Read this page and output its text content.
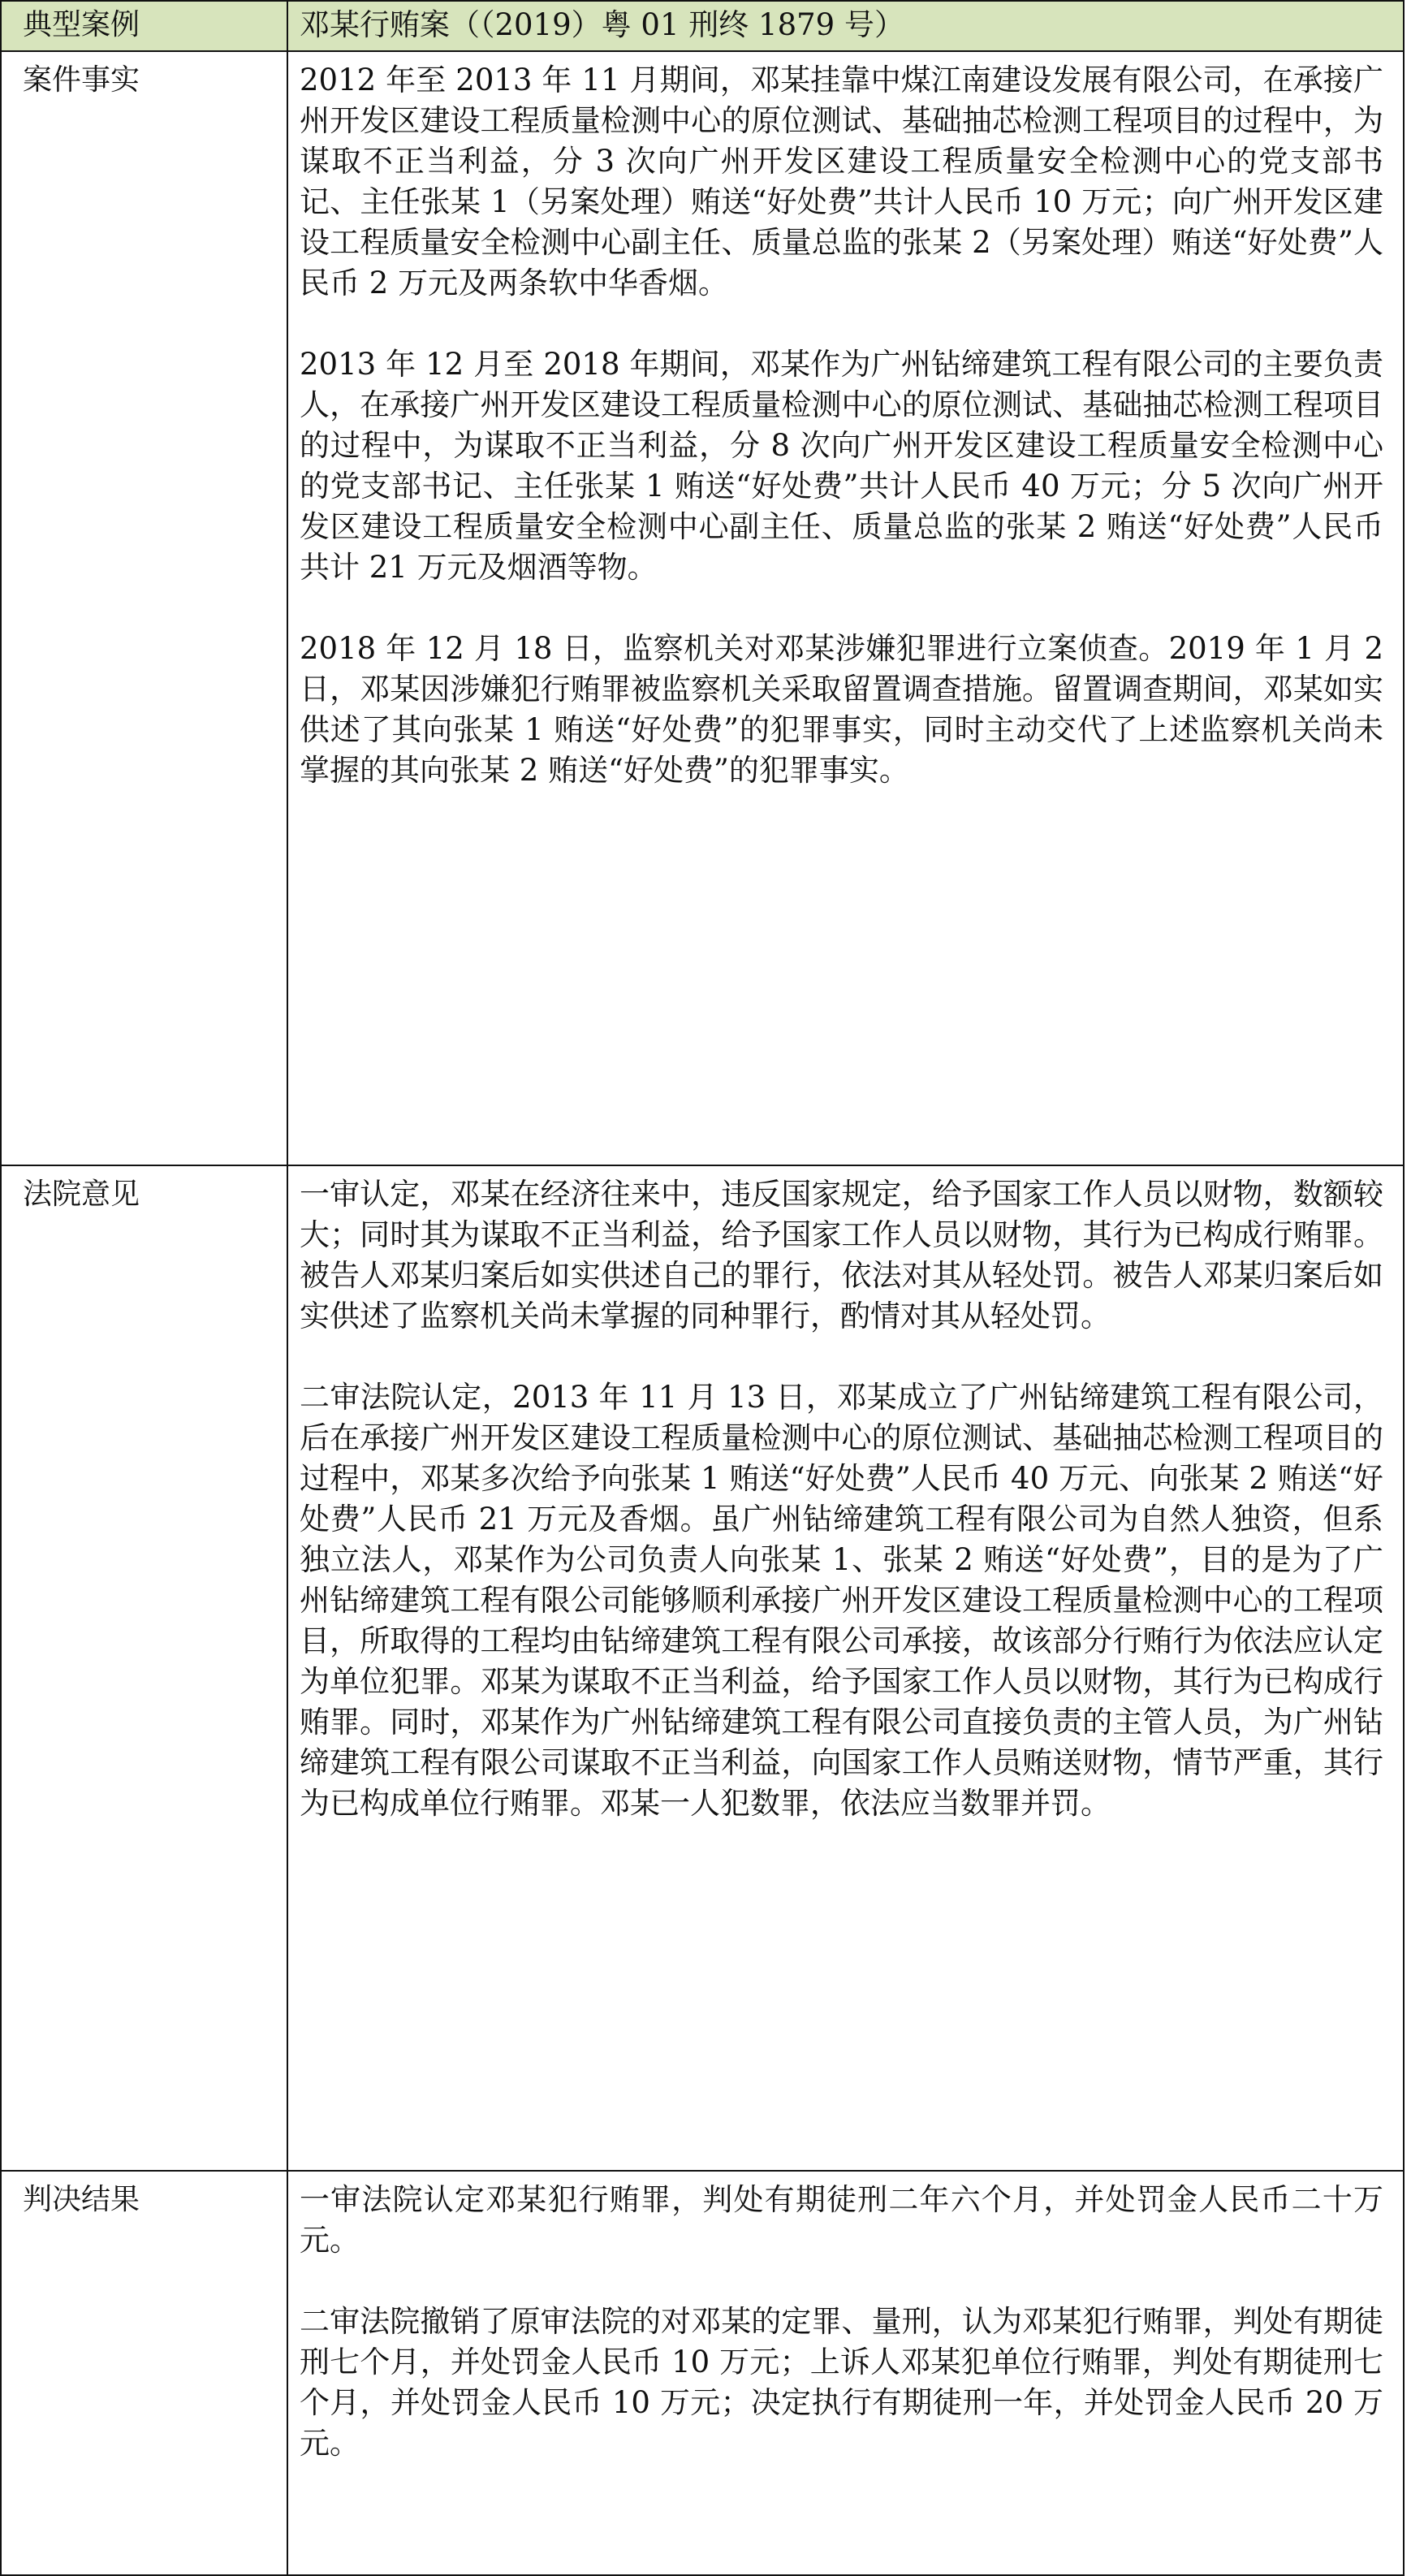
典型案例	邓某行贿案（（2019）粤 01 刑终 1879 号）
案件事实	2012 年至 2013 年 11 月期间，邓某挂靠中煤江南建设发展有限公司，在承接广州开发区建设工程质量检测中心的原位测试、基础抽芯检测工程项目的过程中，为谋取不正当利益，分 3 次向广州开发区建设工程质量安全检测中心的党支部书记、主任张某 1（另案处理）贿送“好处费”共计人民币 10 万元；向广州开发区建设工程质量安全检测中心副主任、质量总监的张某 2（另案处理）贿送“好处费”人民币 2 万元及两条软中华香烟。

2013 年 12 月至 2018 年期间，邓某作为广州钻缔建筑工程有限公司的主要负责人，在承接广州开发区建设工程质量检测中心的原位测试、基础抽芯检测工程项目的过程中，为谋取不正当利益，分 8 次向广州开发区建设工程质量安全检测中心的党支部书记、主任张某 1 贿送“好处费”共计人民币 40 万元；分 5 次向广州开发区建设工程质量安全检测中心副主任、质量总监的张某 2 贿送“好处费”人民币共计 21 万元及烟酒等物。

2018 年 12 月 18 日，监察机关对邓某涉嫌犯罪进行立案侦查。2019 年 1 月 2 日，邓某因涉嫌犯行贿罪被监察机关采取留置调查措施。留置调查期间，邓某如实供述了其向张某 1 贿送“好处费”的犯罪事实，同时主动交代了上述监察机关尚未掌握的其向张某 2 贿送“好处费”的犯罪事实。

法院意见	一审认定，邓某在经济往来中，违反国家规定，给予国家工作人员以财物，数额较大；同时其为谋取不正当利益，给予国家工作人员以财物，其行为已构成行贿罪。被告人邓某归案后如实供述自己的罪行，依法对其从轻处罚。被告人邓某归案后如实供述了监察机关尚未掌握的同种罪行，酌情对其从轻处罚。

二审法院认定，2013 年 11 月 13 日，邓某成立了广州钻缔建筑工程有限公司，后在承接广州开发区建设工程质量检测中心的原位测试、基础抽芯检测工程项目的过程中，邓某多次给予向张某 1 贿送“好处费”人民币 40 万元、向张某 2 贿送“好处费”人民币 21 万元及香烟。虽广州钻缔建筑工程有限公司为自然人独资，但系独立法人，邓某作为公司负责人向张某 1、张某 2 贿送“好处费”，目的是为了广州钻缔建筑工程有限公司能够顺利承接广州开发区建设工程质量检测中心的工程项目，所取得的工程均由钻缔建筑工程有限公司承接，故该部分行贿行为依法应认定为单位犯罪。邓某为谋取不正当利益，给予国家工作人员以财物，其行为已构成行贿罪。同时，邓某作为广州钻缔建筑工程有限公司直接负责的主管人员，为广州钻缔建筑工程有限公司谋取不正当利益，向国家工作人员贿送财物，情节严重，其行为已构成单位行贿罪。邓某一人犯数罪，依法应当数罪并罚。

判决结果	一审法院认定邓某犯行贿罪，判处有期徒刑二年六个月，并处罚金人民币二十万元。

二审法院撤销了原审法院的对邓某的定罪、量刑，认为邓某犯行贿罪，判处有期徒刑七个月，并处罚金人民币 10 万元；上诉人邓某犯单位行贿罪，判处有期徒刑七个月，并处罚金人民币 10 万元；决定执行有期徒刑一年，并处罚金人民币 20 万元。
